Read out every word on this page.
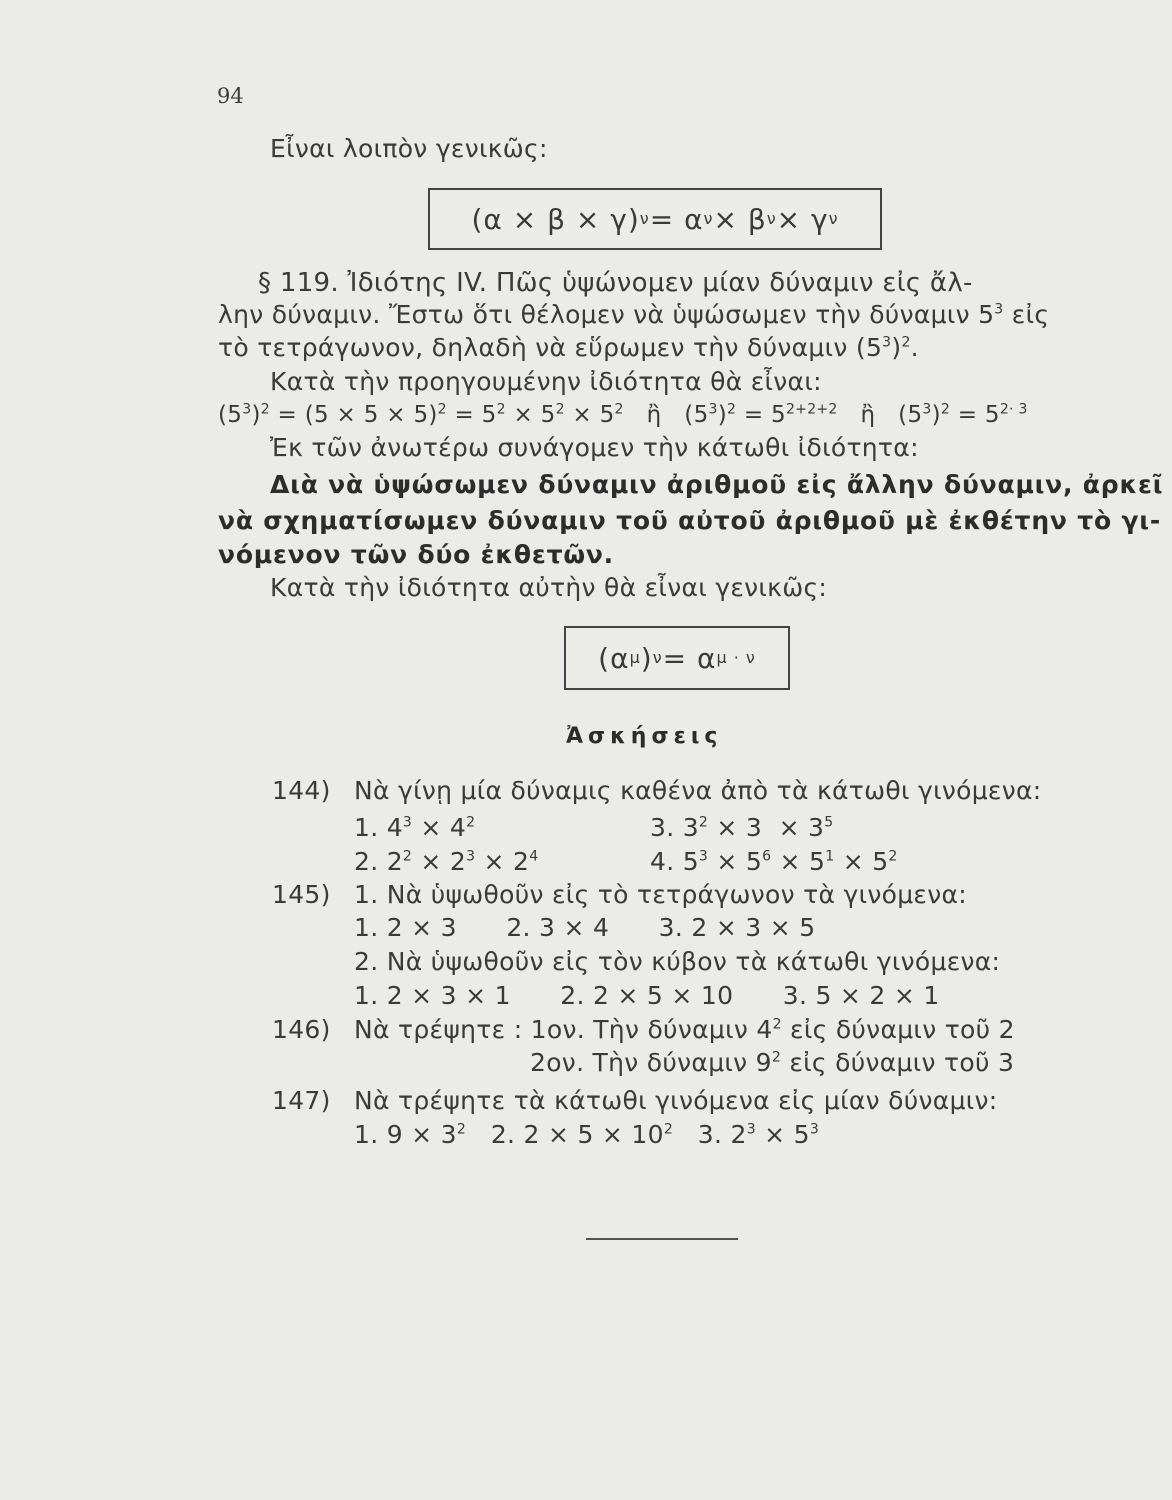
94
Εἶναι λοιπὸν γενικῶς:
(α × β × γ) ν = α ν × β ν × γ ν
§ 119. Ἰδιότης IV. Πῶς ὑψώνομεν μίαν δύναμιν εἰς ἄλ-
λην δύναμιν. Ἔστω ὅτι θέλομεν νὰ ὑψώσωμεν τὴν δύναμιν $5^3$ εἰς
τὸ τετράγωνον, δηλαδὴ νὰ εὕρωμεν τὴν δύναμιν $(5^3)^2$.
Κατὰ τὴν προηγουμένην ἰδιότητα θὰ εἶναι:
$(5^3)^2 = (5 \times 5 \times 5)^2 = 5^2 \times 5^2 \times 5^2$   ἢ   $(5^3)^2 = 5^{2+2+2}$   ἢ   $(5^3)^2 = 5^{2\cdot 3}$
Ἐκ τῶν ἀνωτέρω συνάγομεν τὴν κάτωθι ἰδιότητα:
Διὰ νὰ ὑψώσωμεν δύναμιν ἀριθμοῦ εἰς ἄλλην δύναμιν, ἀρκεῖ
νὰ σχηματίσωμεν δύναμιν τοῦ αὐτοῦ ἀριθμοῦ μὲ ἐκθέτην τὸ γι-
νόμενον τῶν δύο ἐκθετῶν.
Κατὰ τὴν ἰδιότητα αὐτὴν θὰ εἶναι γενικῶς:
(α μ ) ν = α μ · ν
Ἀσκήσεις
144) Νὰ γίνῃ μία δύναμις καθένα ἀπὸ τὰ κάτωθι γινόμενα:
1. $4^3 \times 4^2$	3. $3^2 \times 3 \times 3^5$
2. $2^2 \times 2^3 \times 2^4$	4. $5^3 \times 5^6 \times 5^1 \times 5^2$
145) 1. Νὰ ὑψωθοῦν εἰς τὸ τετράγωνον τὰ γινόμενα:
1. 2 × 3      2. 3 × 4      3. 2 × 3 × 5
2. Νὰ ὑψωθοῦν εἰς τὸν κύβον τὰ κάτωθι γινόμενα:
1. 2 × 3 × 1      2. 2 × 5 × 10      3. 5 × 2 × 1
146) Νὰ τρέψητε : 1ον. Τὴν δύναμιν $4^2$ εἰς δύναμιν τοῦ 2
2ον. Τὴν δύναμιν $9^2$ εἰς δύναμιν τοῦ 3
147) Νὰ τρέψητε τὰ κάτωθι γινόμενα εἰς μίαν δύναμιν:
1. $9 \times 3^2$   2. $2 \times 5 \times 10^2$   3. $2^3 \times 5^3$
